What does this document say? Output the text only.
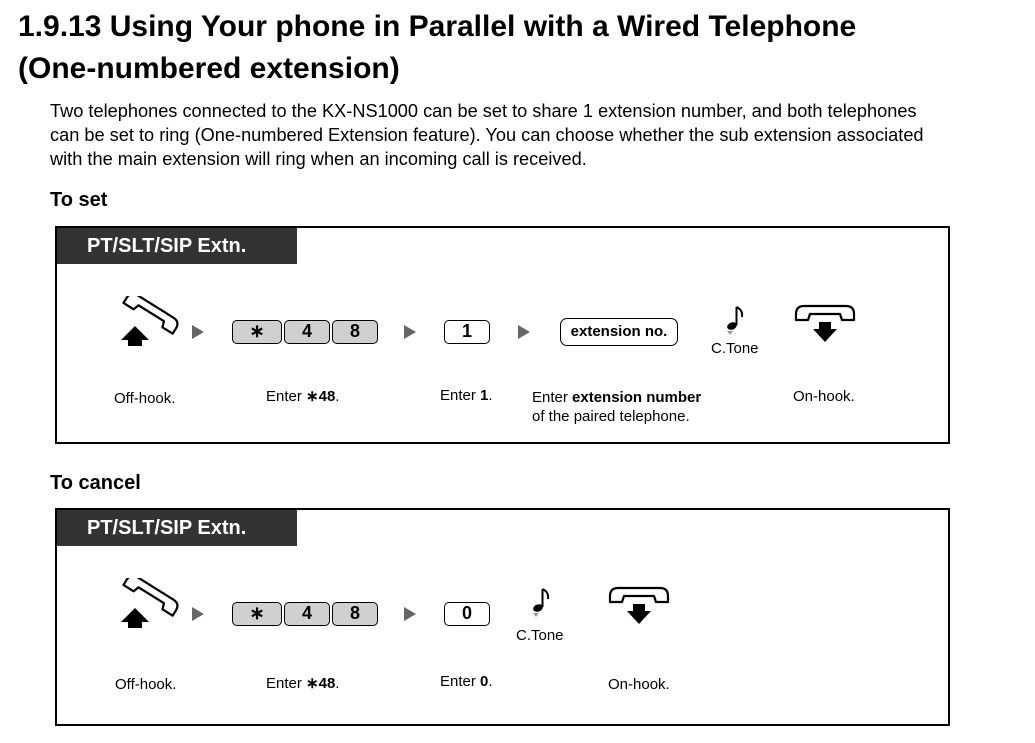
1.9.13 Using Your phone in Parallel with a Wired Telephone
(One-numbered extension)
Two telephones connected to the KX-NS1000 can be set to share 1 extension number, and both telephones
can be set to ring (One-numbered Extension feature). You can choose whether the sub extension associated
with the main extension will ring when an incoming call is received.
To set
PT/SLT/SIP Extn.
∗	4	8	1	extension no.
C.Tone
Off-hook.	Enter ∗48.	Enter 1.	Enter extension number
of the paired telephone.
On-hook.
To cancel
PT/SLT/SIP Extn.
∗	4	8	0
C.Tone
Off-hook.	Enter ∗48.	Enter 0.	On-hook.
